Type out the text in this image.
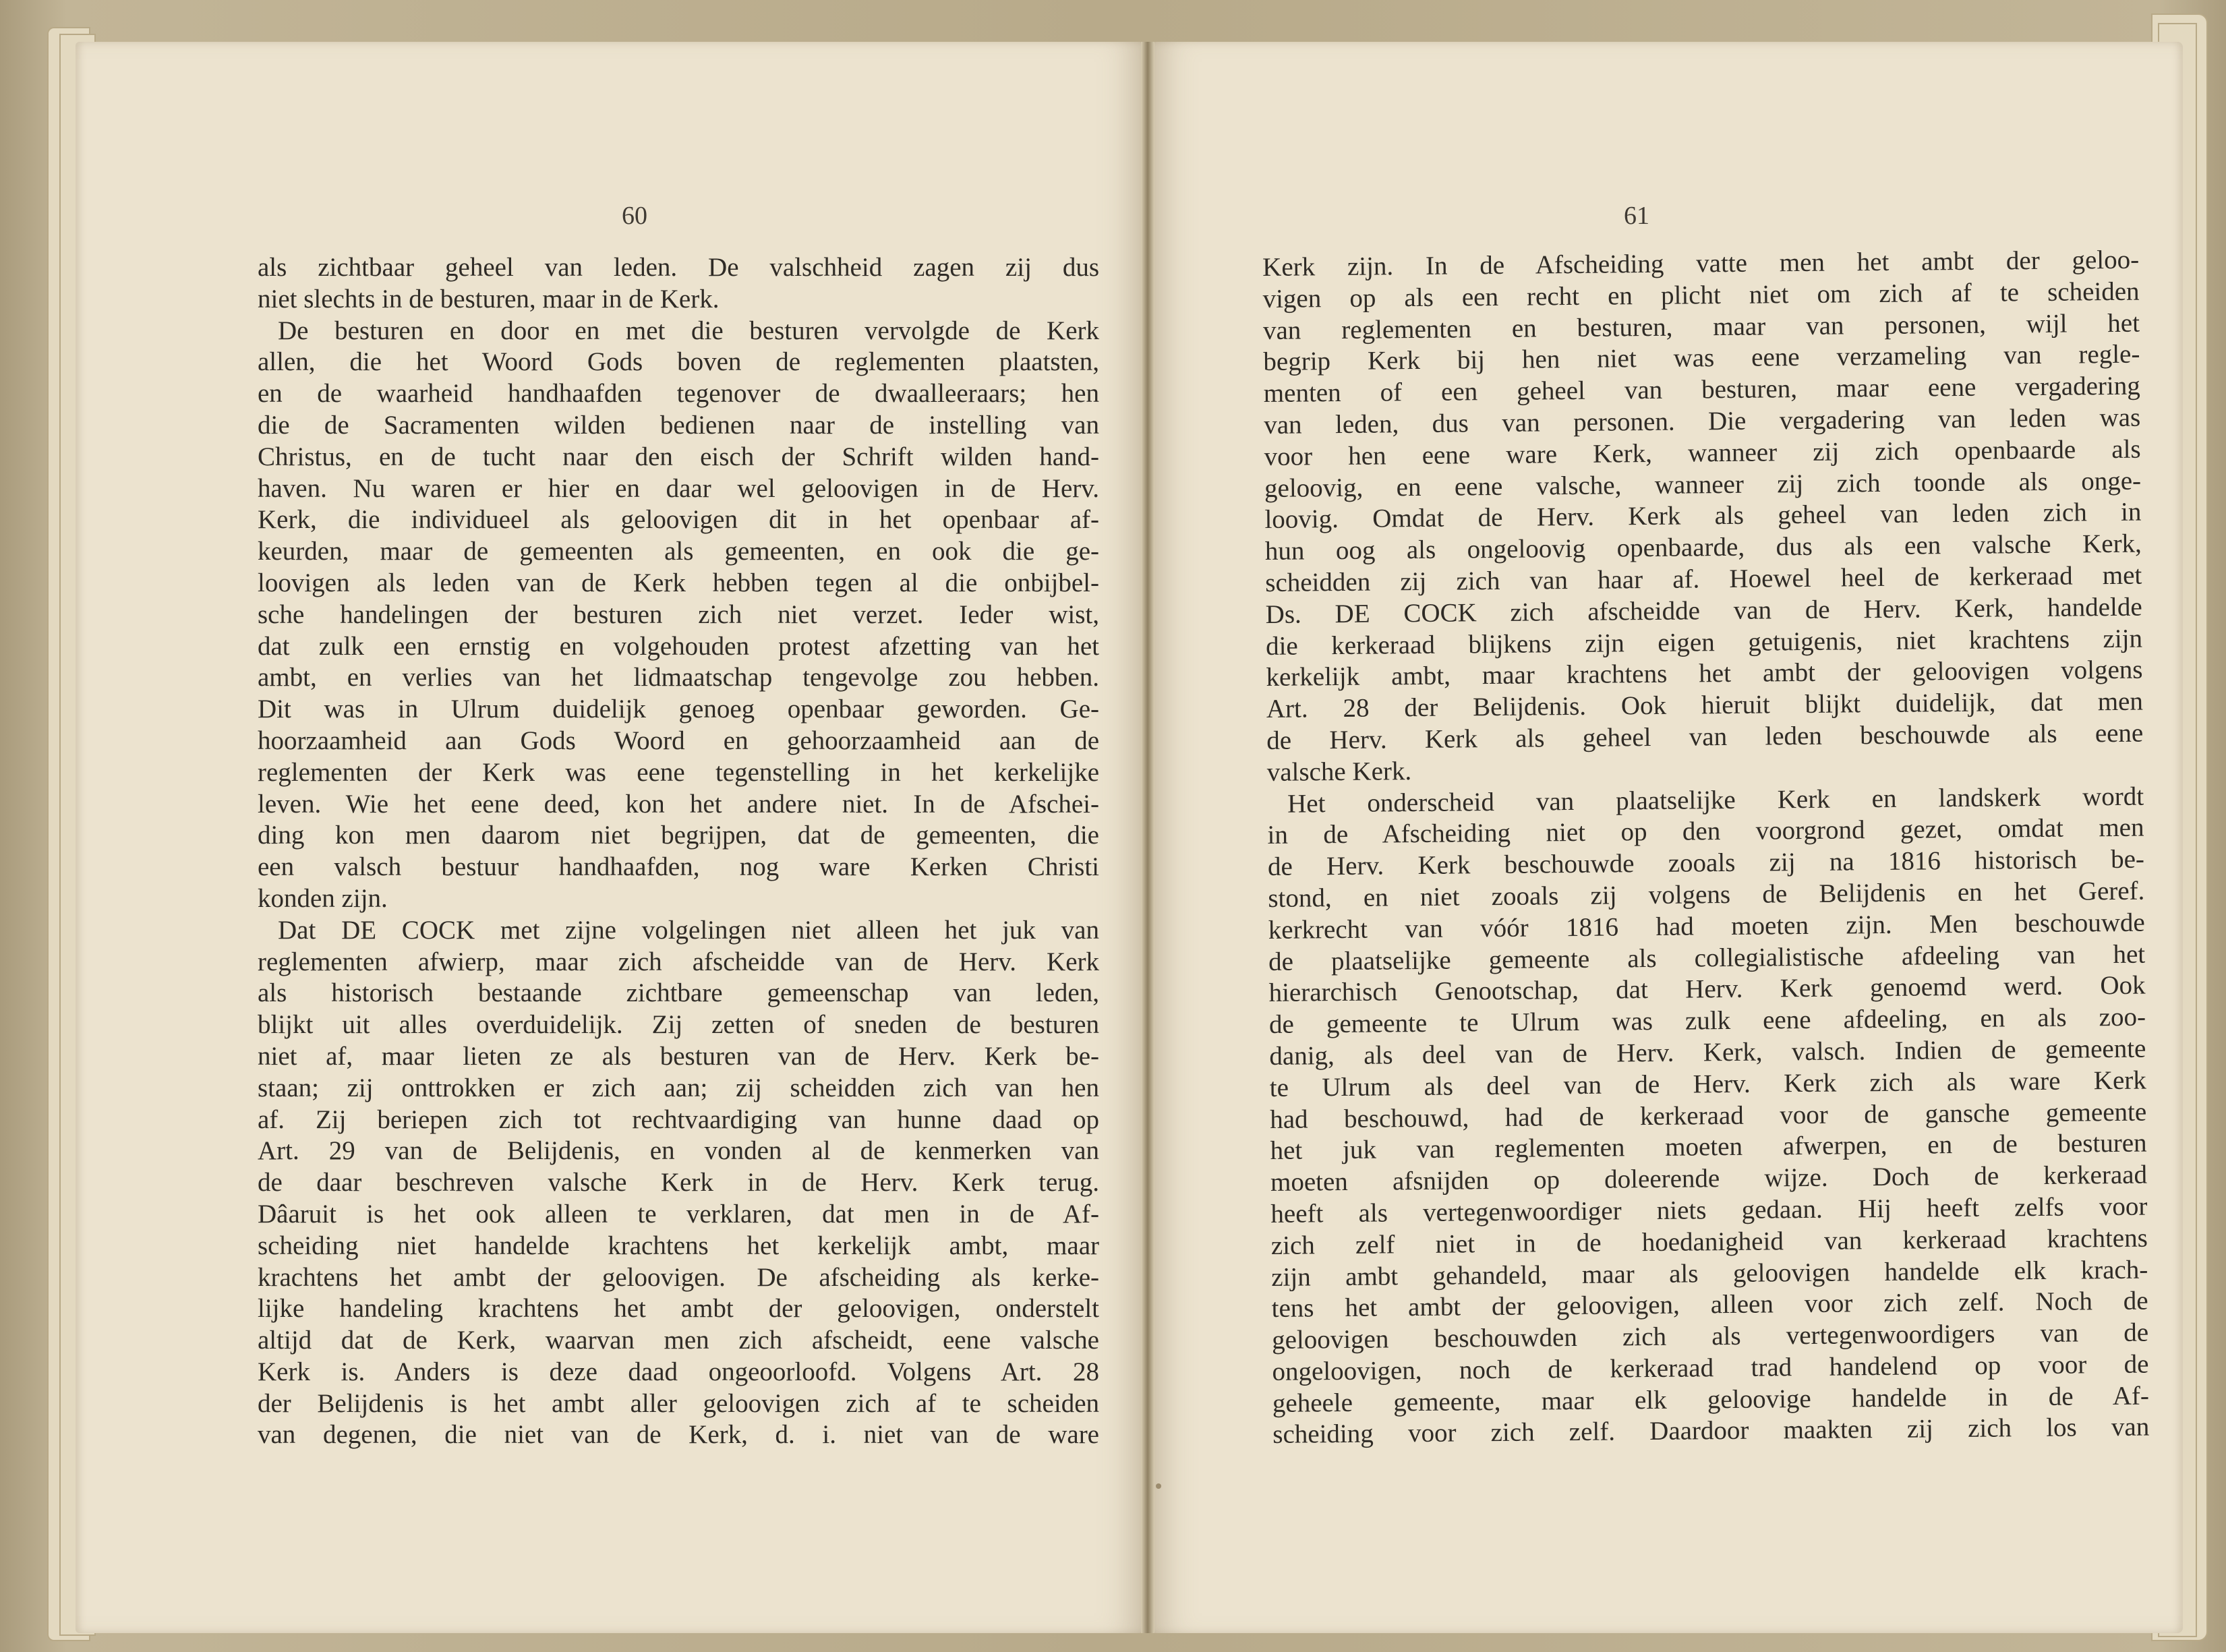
60
als zichtbaar geheel van leden. De valschheid zagen zij dus
niet slechts in de besturen, maar in de Kerk.
De besturen en door en met die besturen vervolgde de Kerk
allen, die het Woord Gods boven de reglementen plaatsten,
en de waarheid handhaafden tegenover de dwaalleeraars; hen
die de Sacramenten wilden bedienen naar de instelling van
Christus, en de tucht naar den eisch der Schrift wilden hand-
haven. Nu waren er hier en daar wel geloovigen in de Herv.
Kerk, die individueel als geloovigen dit in het openbaar af-
keurden, maar de gemeenten als gemeenten, en ook die ge-
loovigen als leden van de Kerk hebben tegen al die onbijbel-
sche handelingen der besturen zich niet verzet. Ieder wist,
dat zulk een ernstig en volgehouden protest afzetting van het
ambt, en verlies van het lidmaatschap tengevolge zou hebben.
Dit was in Ulrum duidelijk genoeg openbaar geworden. Ge-
hoorzaamheid aan Gods Woord en gehoorzaamheid aan de
reglementen der Kerk was eene tegenstelling in het kerkelijke
leven. Wie het eene deed, kon het andere niet. In de Afschei-
ding kon men daarom niet begrijpen, dat de gemeenten, die
een valsch bestuur handhaafden, nog ware Kerken Christi
konden zijn.
Dat DE COCK met zijne volgelingen niet alleen het juk van
reglementen afwierp, maar zich afscheidde van de Herv. Kerk
als historisch bestaande zichtbare gemeenschap van leden,
blijkt uit alles overduidelijk. Zij zetten of sneden de besturen
niet af, maar lieten ze als besturen van de Herv. Kerk be-
staan; zij onttrokken er zich aan; zij scheidden zich van hen
af. Zij beriepen zich tot rechtvaardiging van hunne daad op
Art. 29 van de Belijdenis, en vonden al de kenmerken van
de daar beschreven valsche Kerk in de Herv. Kerk terug.
Dâaruit is het ook alleen te verklaren, dat men in de Af-
scheiding niet handelde krachtens het kerkelijk ambt, maar
krachtens het ambt der geloovigen. De afscheiding als kerke-
lijke handeling krachtens het ambt der geloovigen, onderstelt
altijd dat de Kerk, waarvan men zich afscheidt, eene valsche
Kerk is. Anders is deze daad ongeoorloofd. Volgens Art. 28
der Belijdenis is het ambt aller geloovigen zich af te scheiden
van degenen, die niet van de Kerk, d. i. niet van de ware
61
Kerk zijn. In de Afscheiding vatte men het ambt der geloo-
vigen op als een recht en plicht niet om zich af te scheiden
van reglementen en besturen, maar van personen, wijl het
begrip Kerk bij hen niet was eene verzameling van regle-
menten of een geheel van besturen, maar eene vergadering
van leden, dus van personen. Die vergadering van leden was
voor hen eene ware Kerk, wanneer zij zich openbaarde als
geloovig, en eene valsche, wanneer zij zich toonde als onge-
loovig. Omdat de Herv. Kerk als geheel van leden zich in
hun oog als ongeloovig openbaarde, dus als een valsche Kerk,
scheidden zij zich van haar af. Hoewel heel de kerkeraad met
Ds. DE COCK zich afscheidde van de Herv. Kerk, handelde
die kerkeraad blijkens zijn eigen getuigenis, niet krachtens zijn
kerkelijk ambt, maar krachtens het ambt der geloovigen volgens
Art. 28 der Belijdenis. Ook hieruit blijkt duidelijk, dat men
de Herv. Kerk als geheel van leden beschouwde als eene
valsche Kerk.
Het onderscheid van plaatselijke Kerk en landskerk wordt
in de Afscheiding niet op den voorgrond gezet, omdat men
de Herv. Kerk beschouwde zooals zij na 1816 historisch be-
stond, en niet zooals zij volgens de Belijdenis en het Geref.
kerkrecht van vóór 1816 had moeten zijn. Men beschouwde
de plaatselijke gemeente als collegialistische afdeeling van het
hierarchisch Genootschap, dat Herv. Kerk genoemd werd. Ook
de gemeente te Ulrum was zulk eene afdeeling, en als zoo-
danig, als deel van de Herv. Kerk, valsch. Indien de gemeente
te Ulrum als deel van de Herv. Kerk zich als ware Kerk
had beschouwd, had de kerkeraad voor de gansche gemeente
het juk van reglementen moeten afwerpen, en de besturen
moeten afsnijden op doleerende wijze. Doch de kerkeraad
heeft als vertegenwoordiger niets gedaan. Hij heeft zelfs voor
zich zelf niet in de hoedanigheid van kerkeraad krachtens
zijn ambt gehandeld, maar als geloovigen handelde elk krach-
tens het ambt der geloovigen, alleen voor zich zelf. Noch de
geloovigen beschouwden zich als vertegenwoordigers van de
ongeloovigen, noch de kerkeraad trad handelend op voor de
geheele gemeente, maar elk geloovige handelde in de Af-
scheiding voor zich zelf. Daardoor maakten zij zich los van
